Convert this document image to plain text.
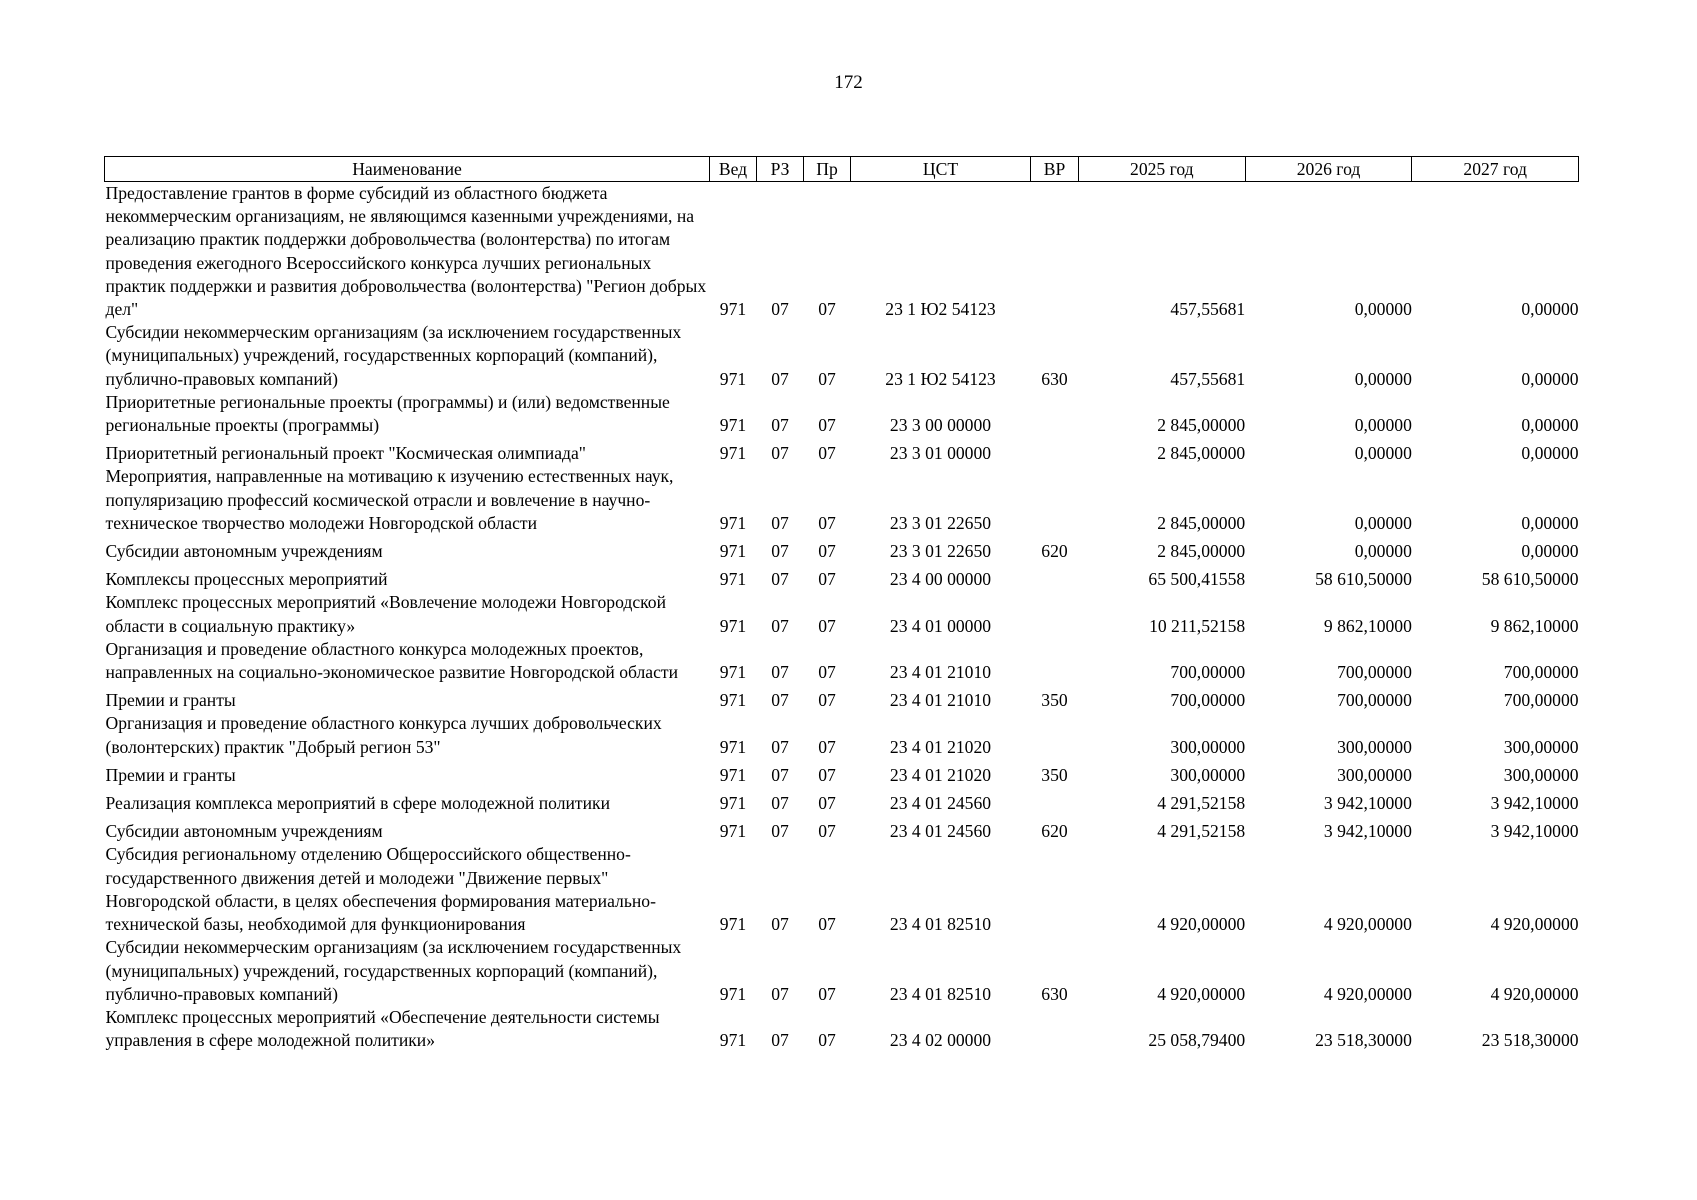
172
Наименование	Вед	РЗ	Пр	ЦСТ	ВР	2025 год	2026 год	2027 год
Предоставление грантов в форме субсидий из областного бюджета некоммерческим организациям, не являющимся казенными учреждениями, на реализацию практик поддержки добровольчества (волонтерства) по итогам проведения ежегодного Всероссийского конкурса лучших региональных практик поддержки и развития добровольчества (волонтерства) "Регион добрых дел"	971	07	07	23 1 Ю2 54123		457,55681	0,00000	0,00000
Субсидии некоммерческим организациям (за исключением государственных (муниципальных) учреждений, государственных корпораций (компаний), публично-правовых компаний)	971	07	07	23 1 Ю2 54123	630	457,55681	0,00000	0,00000
Приоритетные региональные проекты (программы) и (или) ведомственные региональные проекты (программы)	971	07	07	23 3 00 00000		2 845,00000	0,00000	0,00000
Приоритетный региональный проект "Космическая олимпиада"	971	07	07	23 3 01 00000		2 845,00000	0,00000	0,00000
Мероприятия, направленные на мотивацию к изучению естественных наук, популяризацию профессий космической отрасли и вовлечение в научно-техническое творчество молодежи Новгородской области	971	07	07	23 3 01 22650		2 845,00000	0,00000	0,00000
Субсидии автономным учреждениям	971	07	07	23 3 01 22650	620	2 845,00000	0,00000	0,00000
Комплексы процессных мероприятий	971	07	07	23 4 00 00000		65 500,41558	58 610,50000	58 610,50000
Комплекс процессных мероприятий «Вовлечение молодежи Новгородской области в социальную практику»	971	07	07	23 4 01 00000		10 211,52158	9 862,10000	9 862,10000
Организация и проведение областного конкурса молодежных проектов, направленных на социально-экономическое развитие Новгородской области	971	07	07	23 4 01 21010		700,00000	700,00000	700,00000
Премии и гранты	971	07	07	23 4 01 21010	350	700,00000	700,00000	700,00000
Организация и проведение областного конкурса лучших добровольческих (волонтерских) практик "Добрый регион 53"	971	07	07	23 4 01 21020		300,00000	300,00000	300,00000
Премии и гранты	971	07	07	23 4 01 21020	350	300,00000	300,00000	300,00000
Реализация комплекса мероприятий в сфере молодежной политики	971	07	07	23 4 01 24560		4 291,52158	3 942,10000	3 942,10000
Субсидии автономным учреждениям	971	07	07	23 4 01 24560	620	4 291,52158	3 942,10000	3 942,10000
Субсидия региональному отделению Общероссийского общественно-государственного движения детей и молодежи "Движение первых" Новгородской области, в целях обеспечения формирования материально-технической базы, необходимой для функционирования	971	07	07	23 4 01 82510		4 920,00000	4 920,00000	4 920,00000
Субсидии некоммерческим организациям (за исключением государственных (муниципальных) учреждений, государственных корпораций (компаний), публично-правовых компаний)	971	07	07	23 4 01 82510	630	4 920,00000	4 920,00000	4 920,00000
Комплекс процессных мероприятий «Обеспечение деятельности системы управления в сфере молодежной политики»	971	07	07	23 4 02 00000		25 058,79400	23 518,30000	23 518,30000
